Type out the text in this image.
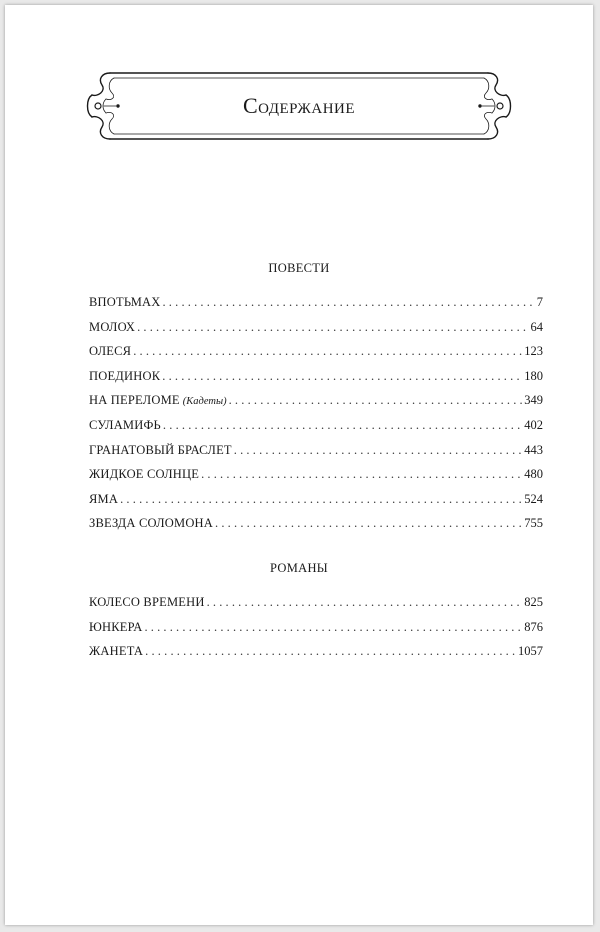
Содержание
ПОВЕСТИ
ВПОТЬМАХ .....	7
МОЛОХ .....	64
ОЛЕСЯ .....	123
ПОЕДИНОК .....	180
НА ПЕРЕЛОМЕ (Кадеты) .....	349
СУЛАМИФЬ .....	402
ГРАНАТОВЫЙ БРАСЛЕТ .....	443
ЖИДКОЕ СОЛНЦЕ .....	480
ЯМА .....	524
ЗВЕЗДА СОЛОМОНА .....	755
РОМАНЫ
КОЛЕСО ВРЕМЕНИ .....	825
ЮНКЕРА .....	876
ЖАНЕТА .....	1057
